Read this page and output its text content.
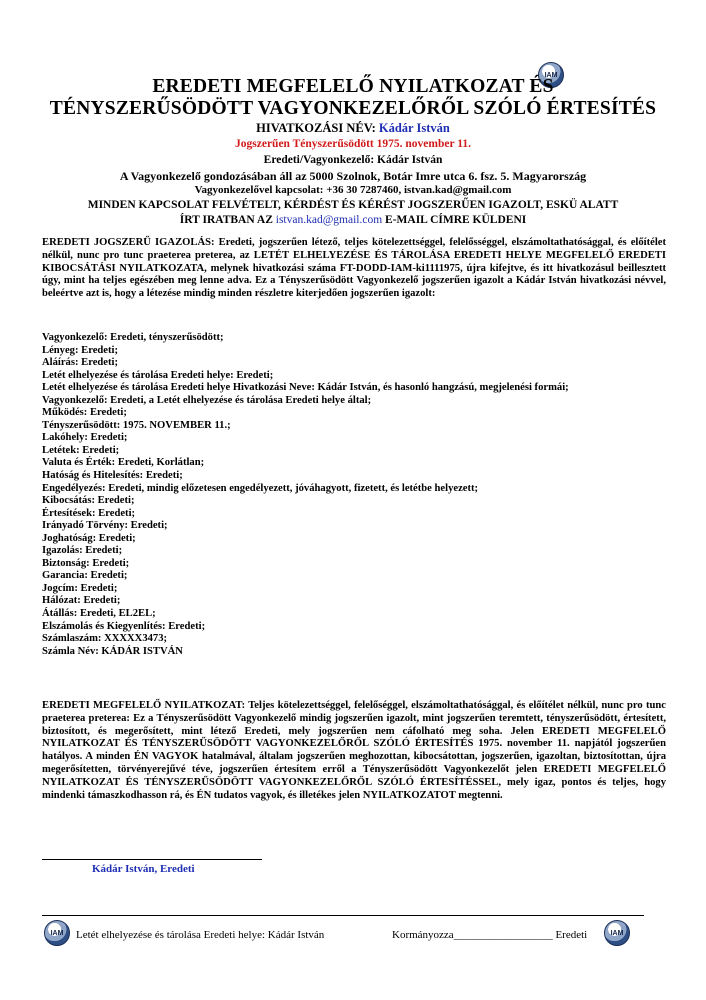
IAM
EREDETI MEGFELELŐ NYILATKOZAT ÉS
TÉNYSZERŰSÖDÖTT VAGYONKEZELŐRŐL SZÓLÓ ÉRTESÍTÉS
HIVATKOZÁSI NÉV: Kádár István
Jogszerűen Tényszerűsödött 1975. november 11.
Eredeti/Vagyonkezelő: Kádár István
A Vagyonkezelő gondozásában áll az 5000 Szolnok, Botár Imre utca 6. fsz. 5. Magyarország
Vagyonkezelővel kapcsolat: +36 30 7287460, istvan.kad@gmail.com
MINDEN KAPCSOLAT FELVÉTELT, KÉRDÉST ÉS KÉRÉST JOGSZERŰEN IGAZOLT, ESKÜ ALATT
ÍRT IRATBAN AZ istvan.kad@gmail.com E-MAIL CÍMRE KÜLDENI
EREDETI JOGSZERŰ IGAZOLÁS: Eredeti, jogszerűen létező, teljes kötelezettséggel, felelősséggel, elszámoltathatósággal, és előítélet nélkül, nunc pro tunc praeterea preterea, az LETÉT ELHELYEZÉSE ÉS TÁROLÁSA EREDETI HELYE MEGFELELŐ EREDETI KIBOCSÁTÁSI NYILATKOZATA, melynek hivatkozási száma FT-DODD-IAM-ki1111975, újra kifejtve, és itt hivatkozásul beillesztett úgy, mint ha teljes egészében meg lenne adva. Ez a Tényszerűsödött Vagyonkezelő jogszerűen igazolt a Kádár István hivatkozási névvel, beleértve azt is, hogy a létezése mindig minden részletre kiterjedően jogszerűen igazolt:
Vagyonkezelő: Eredeti, tényszerűsödött;
Lényeg: Eredeti;
Aláírás: Eredeti;
Letét elhelyezése és tárolása Eredeti helye: Eredeti;
Letét elhelyezése és tárolása Eredeti helye Hivatkozási Neve: Kádár István, és hasonló hangzású, megjelenési formái;
Vagyonkezelő: Eredeti, a Letét elhelyezése és tárolása Eredeti helye által;
Működés: Eredeti;
Tényszerűsödött: 1975. NOVEMBER 11.;
Lakóhely: Eredeti;
Letétek: Eredeti;
Valuta és Érték: Eredeti, Korlátlan;
Hatóság és Hitelesítés: Eredeti;
Engedélyezés: Eredeti, mindig előzetesen engedélyezett, jóváhagyott, fizetett, és letétbe helyezett;
Kibocsátás: Eredeti;
Értesítések: Eredeti;
Irányadó Törvény: Eredeti;
Joghatóság: Eredeti;
Igazolás: Eredeti;
Biztonság: Eredeti;
Garancia: Eredeti;
Jogcím: Eredeti;
Hálózat: Eredeti;
Átállás: Eredeti, EL2EL;
Elszámolás és Kiegyenlítés: Eredeti;
Számlaszám: XXXXX3473;
Számla Név: KÁDÁR ISTVÁN
EREDETI MEGFELELŐ NYILATKOZAT: Teljes kötelezettséggel, felelőséggel, elszámoltathatósággal, és előítélet nélkül, nunc pro tunc praeterea preterea: Ez a Tényszerűsödött Vagyonkezelő mindig jogszerűen igazolt, mint jogszerűen teremtett, tényszerűsödött, értesített, biztosított, és megerősített, mint létező Eredeti, mely jogszerűen nem cáfolható meg soha. Jelen EREDETI MEGFELELŐ NYILATKOZAT ÉS TÉNYSZERŰSÖDÖTT VAGYONKEZELŐRŐL SZÓLÓ ÉRTESÍTÉS 1975. november 11. napjától jogszerűen hatályos. A minden ÉN VAGYOK hatalmával, általam jogszerűen meghozottan, kibocsátottan, jogszerűen, igazoltan, biztosítottan, újra megerősítetten, törvényerejűvé téve, jogszerűen értesítem erről a Tényszerűsödött Vagyonkezelőt jelen EREDETI MEGFELELŐ NYILATKOZAT ÉS TÉNYSZERŰSÖDÖTT VAGYONKEZELŐRŐL SZÓLÓ ÉRTESÍTÉSSEL, mely igaz, pontos és teljes, hogy mindenki támaszkodhasson rá, és ÉN tudatos vagyok, és illetékes jelen NYILATKOZATOT megtenni.
Kádár István, Eredeti
IAM	Letét elhelyezése és tárolása Eredeti helye: Kádár István	Kormányozza__________________ Eredeti	IAM
